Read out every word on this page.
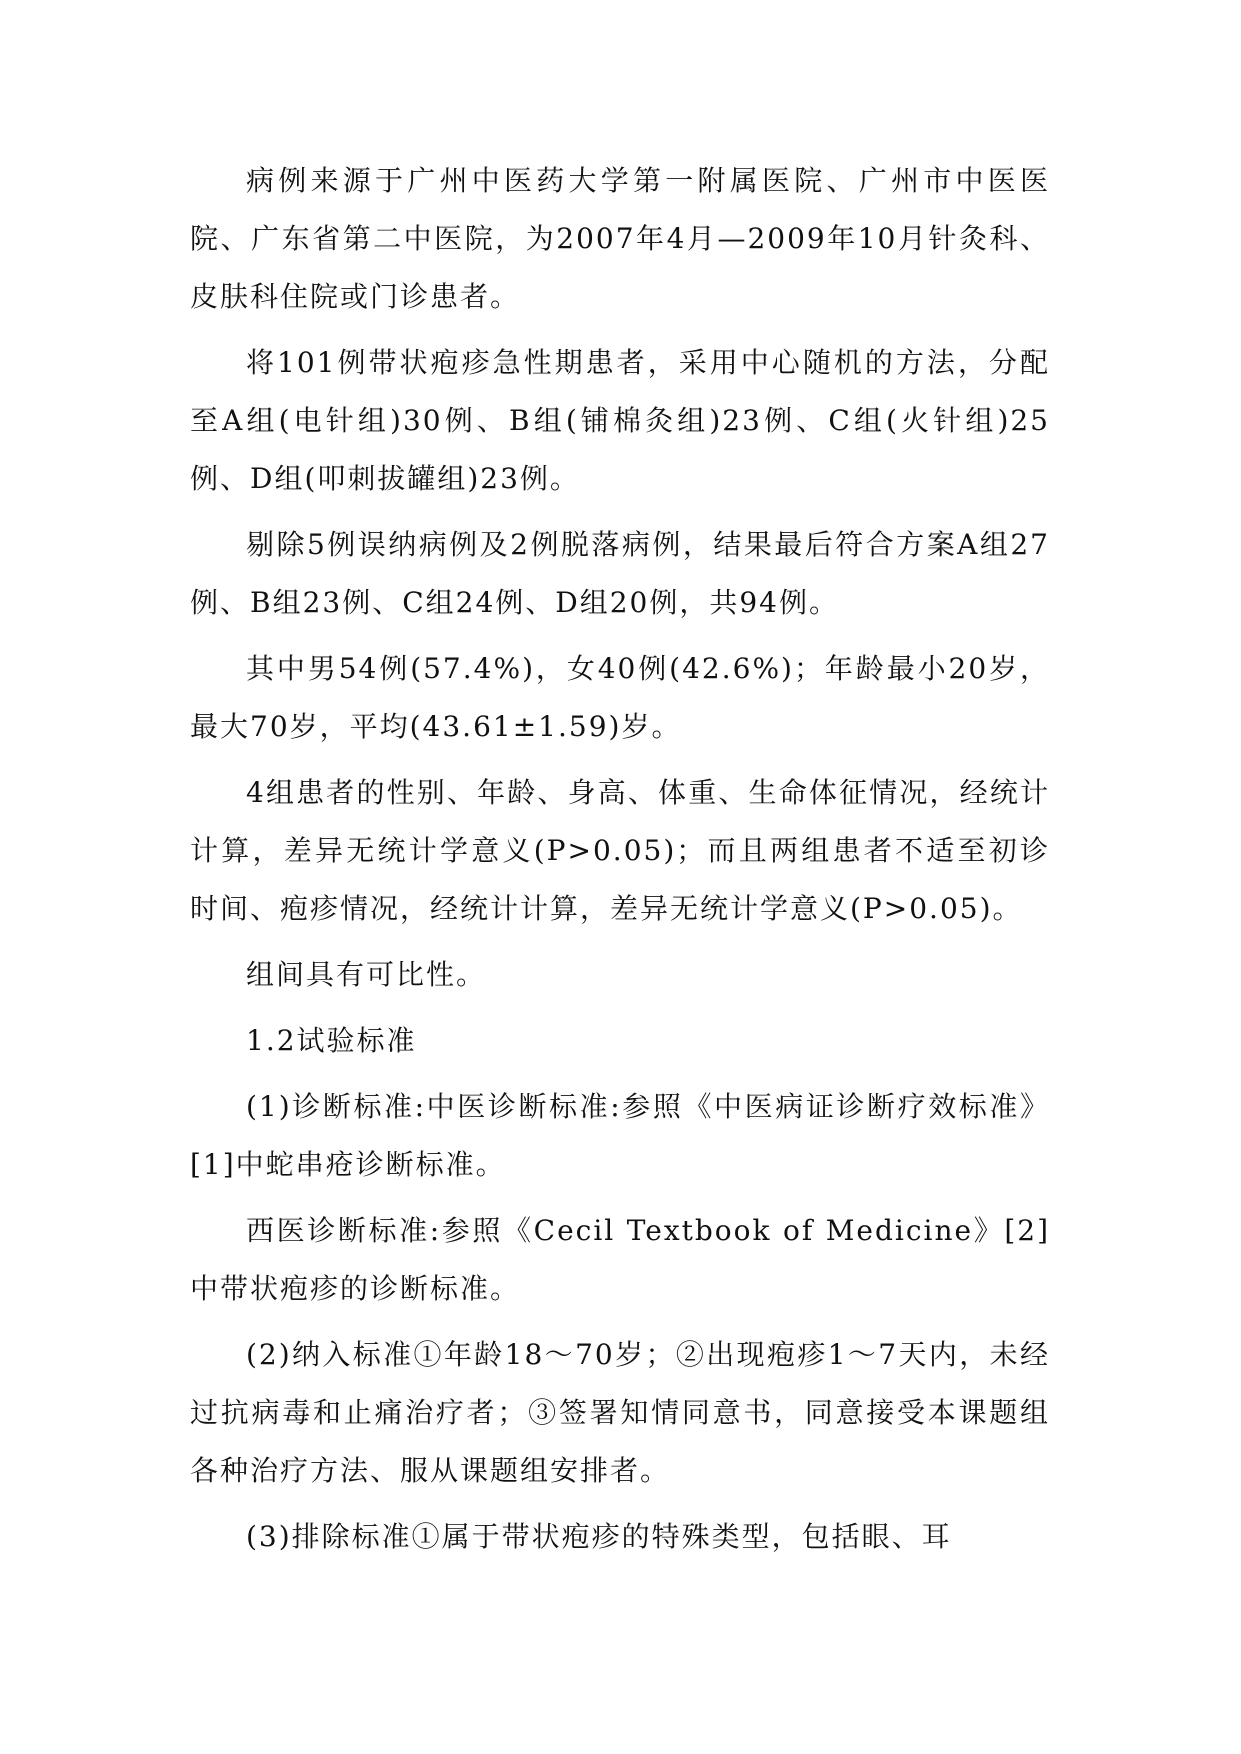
病例来源于广州中医药大学第一附属医院、广州市中医医院、广东省第二中医院，为2007年4月—2009年10月针灸科、皮肤科住院或门诊患者。

将101例带状疱疹急性期患者，采用中心随机的方法，分配至A组(电针组)30例、B组(铺棉灸组)23例、C组(火针组)25例、D组(叩刺拔罐组)23例。

剔除5例误纳病例及2例脱落病例，结果最后符合方案A组27例、B组23例、C组24例、D组20例，共94例。

其中男54例(57.4%)，女40例(42.6%)；年龄最小20岁，最大70岁，平均(43.61±1.59)岁。

4组患者的性别、年龄、身高、体重、生命体征情况，经统计计算，差异无统计学意义(P>0.05)；而且两组患者不适至初诊时间、疱疹情况，经统计计算，差异无统计学意义(P>0.05)。

组间具有可比性。

1.2试验标准

(1)诊断标准:中医诊断标准:参照《中医病证诊断疗效标准》[1]中蛇串疮诊断标准。

西医诊断标准:参照《Cecil Textbook of Medicine》[2]中带状疱疹的诊断标准。

(2)纳入标准①年龄18～70岁；②出现疱疹1～7天内，未经过抗病毒和止痛治疗者；③签署知情同意书，同意接受本课题组各种治疗方法、服从课题组安排者。

(3)排除标准①属于带状疱疹的特殊类型，包括眼、耳
